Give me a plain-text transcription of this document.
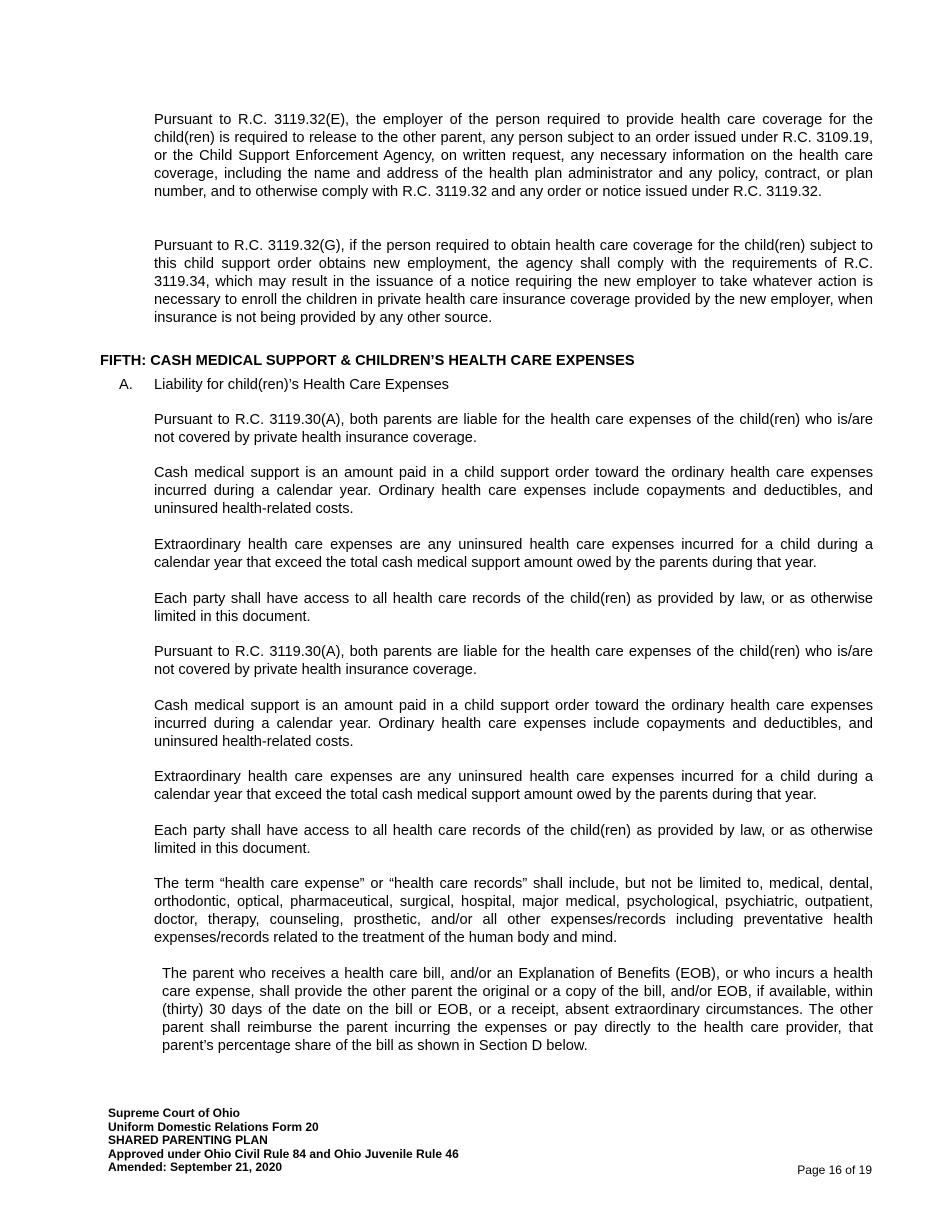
Pursuant to R.C. 3119.32(E), the employer of the person required to provide health care coverage for the child(ren) is required to release to the other parent, any person subject to an order issued under R.C. 3109.19, or the Child Support Enforcement Agency, on written request, any necessary information on the health care coverage, including the name and address of the health plan administrator and any policy, contract, or plan number, and to otherwise comply with R.C. 3119.32 and any order or notice issued under R.C. 3119.32.

Pursuant to R.C. 3119.32(G), if the person required to obtain health care coverage for the child(ren) subject to this child support order obtains new employment, the agency shall comply with the requirements of R.C. 3119.34, which may result in the issuance of a notice requiring the new employer to take whatever action is necessary to enroll the children in private health care insurance coverage provided by the new employer, when insurance is not being provided by any other source.

FIFTH: CASH MEDICAL SUPPORT & CHILDREN’S HEALTH CARE EXPENSES

A. Liability for child(ren)’s Health Care Expenses

Pursuant to R.C. 3119.30(A), both parents are liable for the health care expenses of the child(ren) who is/are not covered by private health insurance coverage.

Cash medical support is an amount paid in a child support order toward the ordinary health care expenses incurred during a calendar year. Ordinary health care expenses include copayments and deductibles, and uninsured health-related costs.

Extraordinary health care expenses are any uninsured health care expenses incurred for a child during a calendar year that exceed the total cash medical support amount owed by the parents during that year.

Each party shall have access to all health care records of the child(ren) as provided by law, or as otherwise limited in this document.

Pursuant to R.C. 3119.30(A), both parents are liable for the health care expenses of the child(ren) who is/are not covered by private health insurance coverage.

Cash medical support is an amount paid in a child support order toward the ordinary health care expenses incurred during a calendar year. Ordinary health care expenses include copayments and deductibles, and uninsured health-related costs.

Extraordinary health care expenses are any uninsured health care expenses incurred for a child during a calendar year that exceed the total cash medical support amount owed by the parents during that year.

Each party shall have access to all health care records of the child(ren) as provided by law, or as otherwise limited in this document.

The term “health care expense” or “health care records” shall include, but not be limited to, medical, dental, orthodontic, optical, pharmaceutical, surgical, hospital, major medical, psychological, psychiatric, outpatient, doctor, therapy, counseling, prosthetic, and/or all other expenses/records including preventative health expenses/records related to the treatment of the human body and mind.

The parent who receives a health care bill, and/or an Explanation of Benefits (EOB), or who incurs a health care expense, shall provide the other parent the original or a copy of the bill, and/or EOB, if available, within (thirty) 30 days of the date on the bill or EOB, or a receipt, absent extraordinary circumstances. The other parent shall reimburse the parent incurring the expenses or pay directly to the health care provider, that parent’s percentage share of the bill as shown in Section D below.

Supreme Court of Ohio
Uniform Domestic Relations Form 20
SHARED PARENTING PLAN
Approved under Ohio Civil Rule 84 and Ohio Juvenile Rule 46
Amended: September 21, 2020	Page 16 of 19
